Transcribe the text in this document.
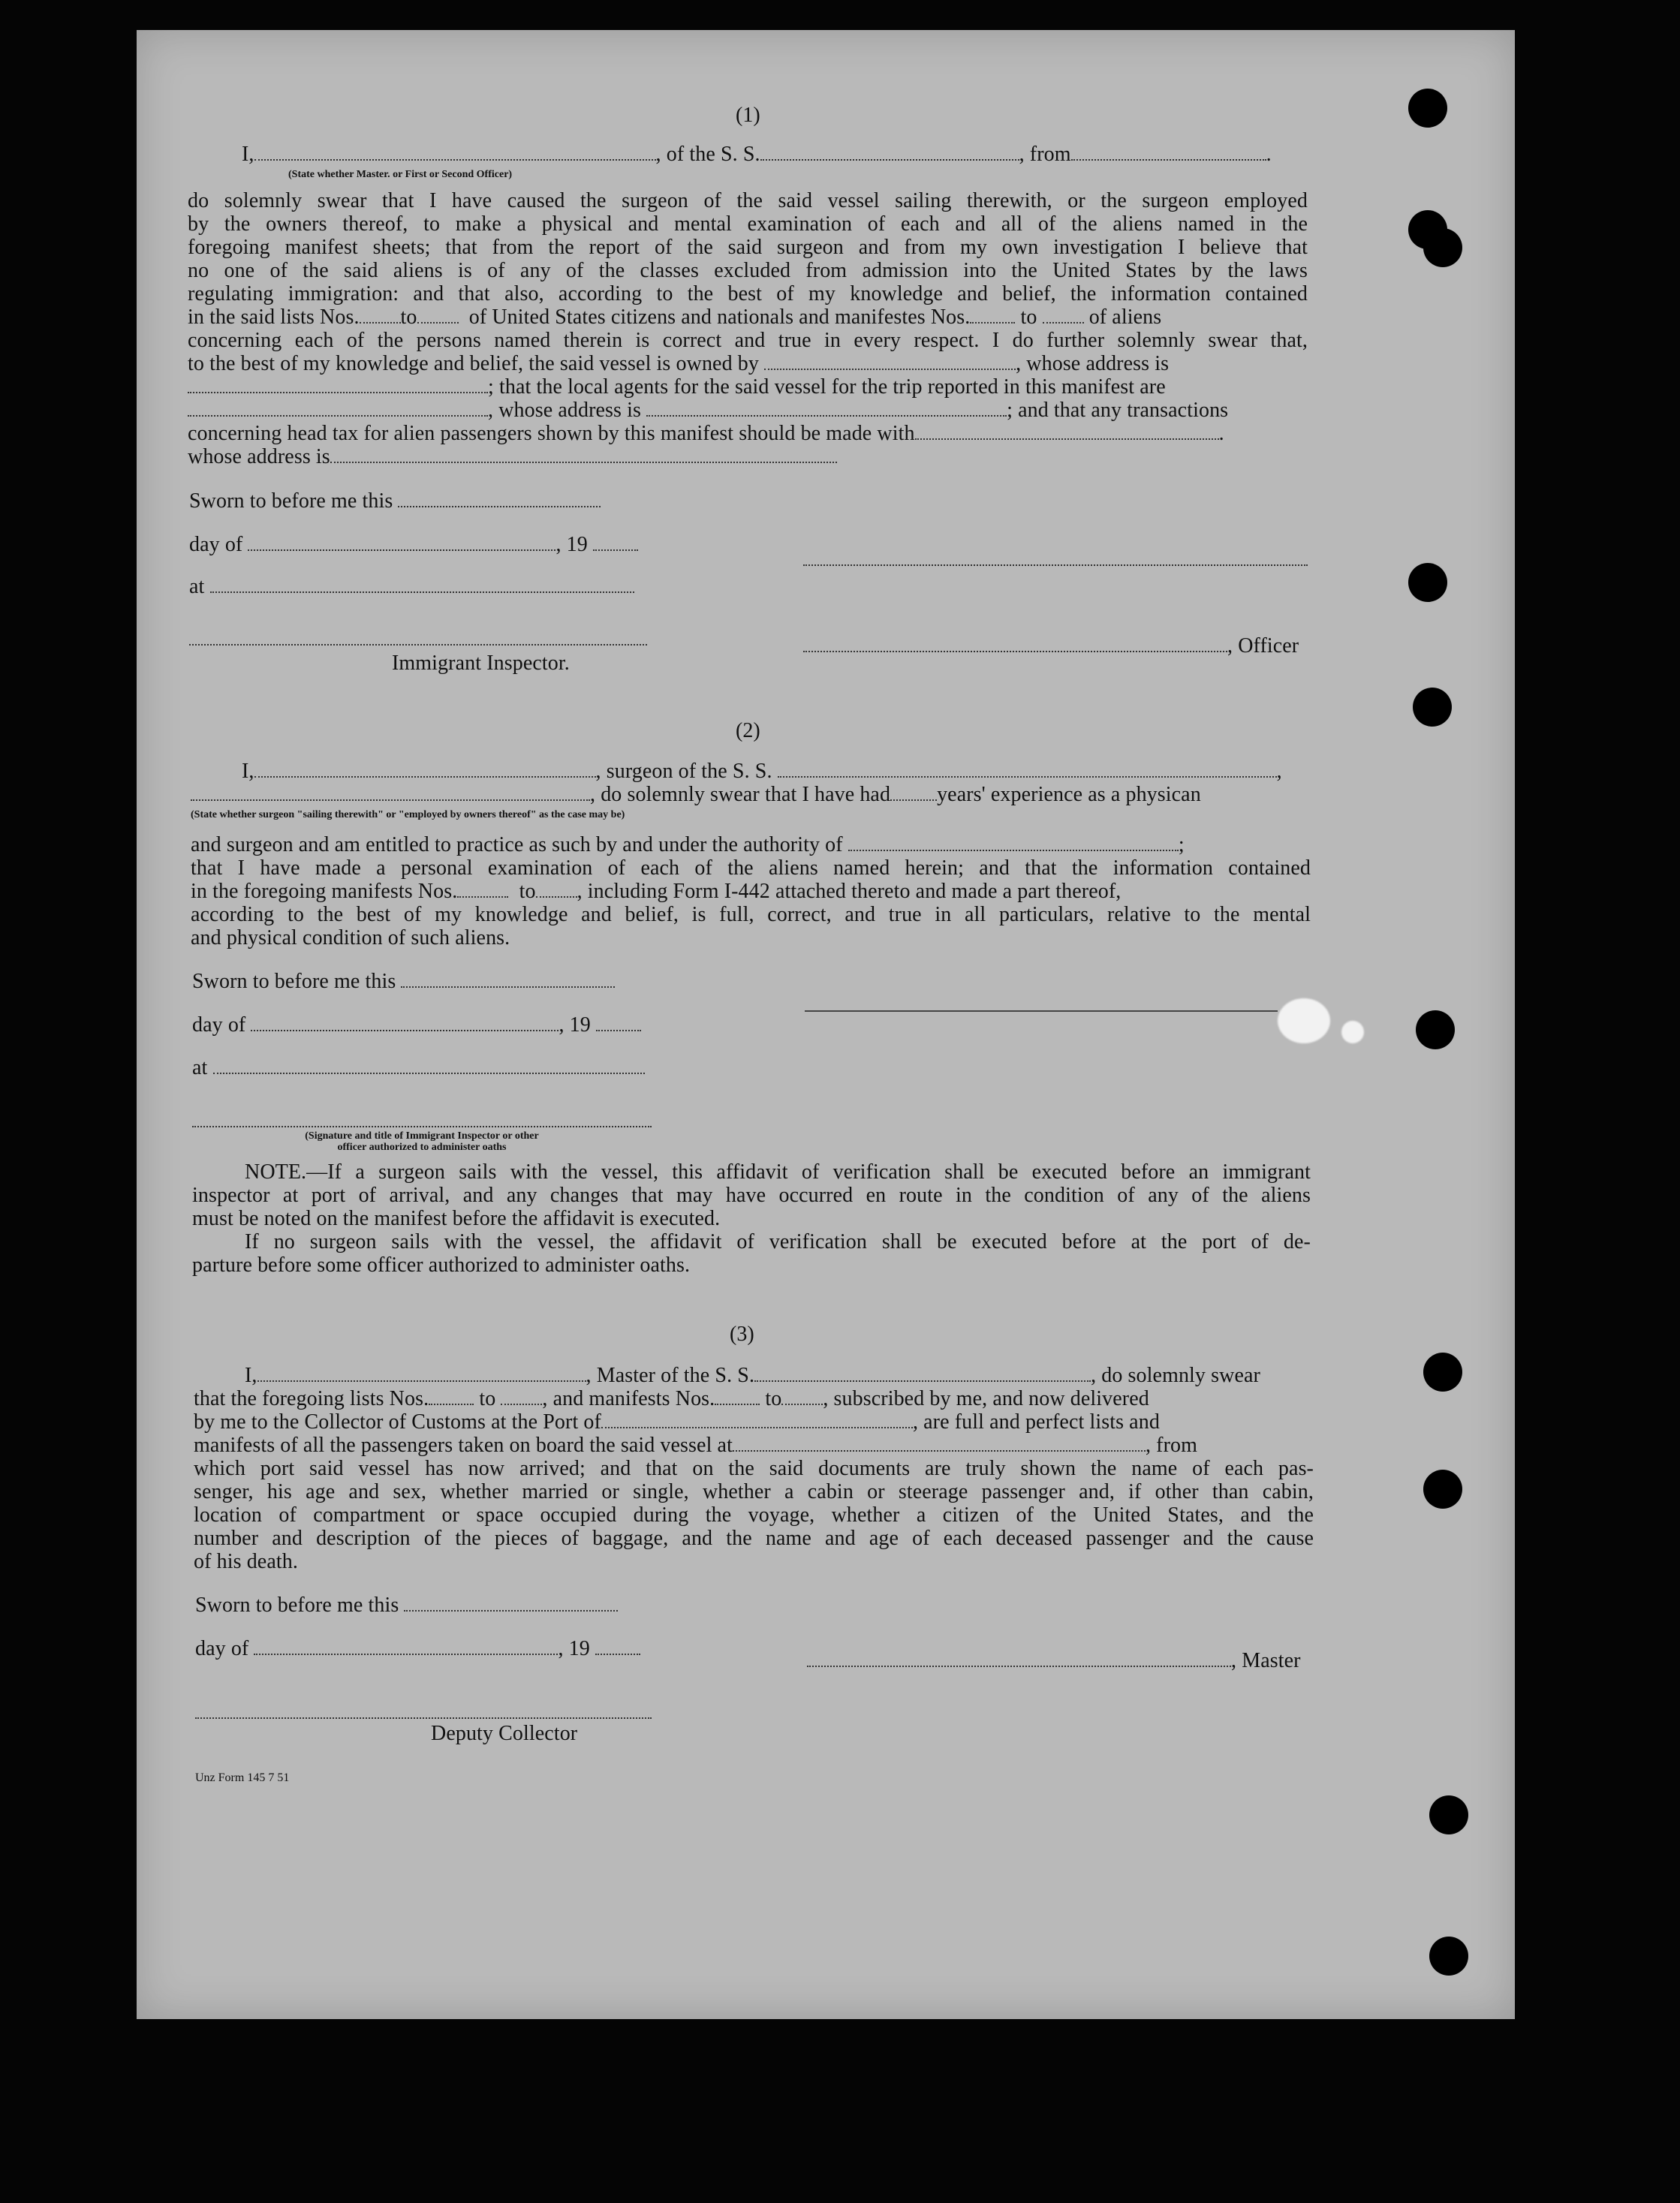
(1)
I,	, of the S. S.	, from	.
(State whether Master. or First or Second Officer)
do solemnly swear that I have caused the surgeon of the said vessel sailing therewith, or the surgeon employed
by the owners thereof, to make a physical and mental examination of each and all of the aliens named in the
foregoing manifest sheets; that from the report of the said surgeon and from my own investigation I believe that
no one of the said aliens is of any of the classes excluded from admission into the United States by the laws
regulating immigration: and that also, according to the best of my knowledge and belief, the information contained
in the said lists Nos. to of United States citizens and nationals and manifestes Nos. to of aliens
concerning each of the persons named therein is correct and true in every respect. I do further solemnly swear that,
to the best of my knowledge and belief, the said vessel is owned by	, whose address is
; that the local agents for the said vessel for the trip reported in this manifest are
, whose address is	; and that any transactions
concerning head tax for alien passengers shown by this manifest should be made with	.
whose address is
Sworn to before me this
day of	, 19
at
, Officer
Immigrant Inspector.
(2)
I,	, surgeon of the S. S.	,
, do solemnly swear that I have had years' experience as a physican
(State whether surgeon "sailing therewith" or "employed by owners thereof" as the case may be)
and surgeon and am entitled to practice as such by and under the authority of	;
that I have made a personal examination of each of the aliens named herein; and that the information contained
in the foregoing manifests Nos.	to , including Form I-442 attached thereto and made a part thereof,
according to the best of my knowledge and belief, is full, correct, and true in all particulars, relative to the mental
and physical condition of such aliens.
Sworn to before me this
day of	, 19
at
(Signature and title of Immigrant Inspector or other
officer authorized to administer oaths
NOTE.—If a surgeon sails with the vessel, this affidavit of verification shall be executed before an immigrant
inspector at port of arrival, and any changes that may have occurred en route in the condition of any of the aliens
must be noted on the manifest before the affidavit is executed.
If no surgeon sails with the vessel, the affidavit of verification shall be executed before at the port of de-
parture before some officer authorized to administer oaths.
(3)
I,	, Master of the S. S.	, do solemnly swear
that the foregoing lists Nos. to , and manifests Nos. to , subscribed by me, and now delivered
by me to the Collector of Customs at the Port of	, are full and perfect lists and
manifests of all the passengers taken on board the said vessel at	, from
which port said vessel has now arrived; and that on the said documents are truly shown the name of each pas-
senger, his age and sex, whether married or single, whether a cabin or steerage passenger and, if other than cabin,
location of compartment or space occupied during the voyage, whether a citizen of the United States, and the
number and description of the pieces of baggage, and the name and age of each deceased passenger and the cause
of his death.
Sworn to before me this
day of	, 19
, Master
Deputy Collector
Unz Form 145 7 51
